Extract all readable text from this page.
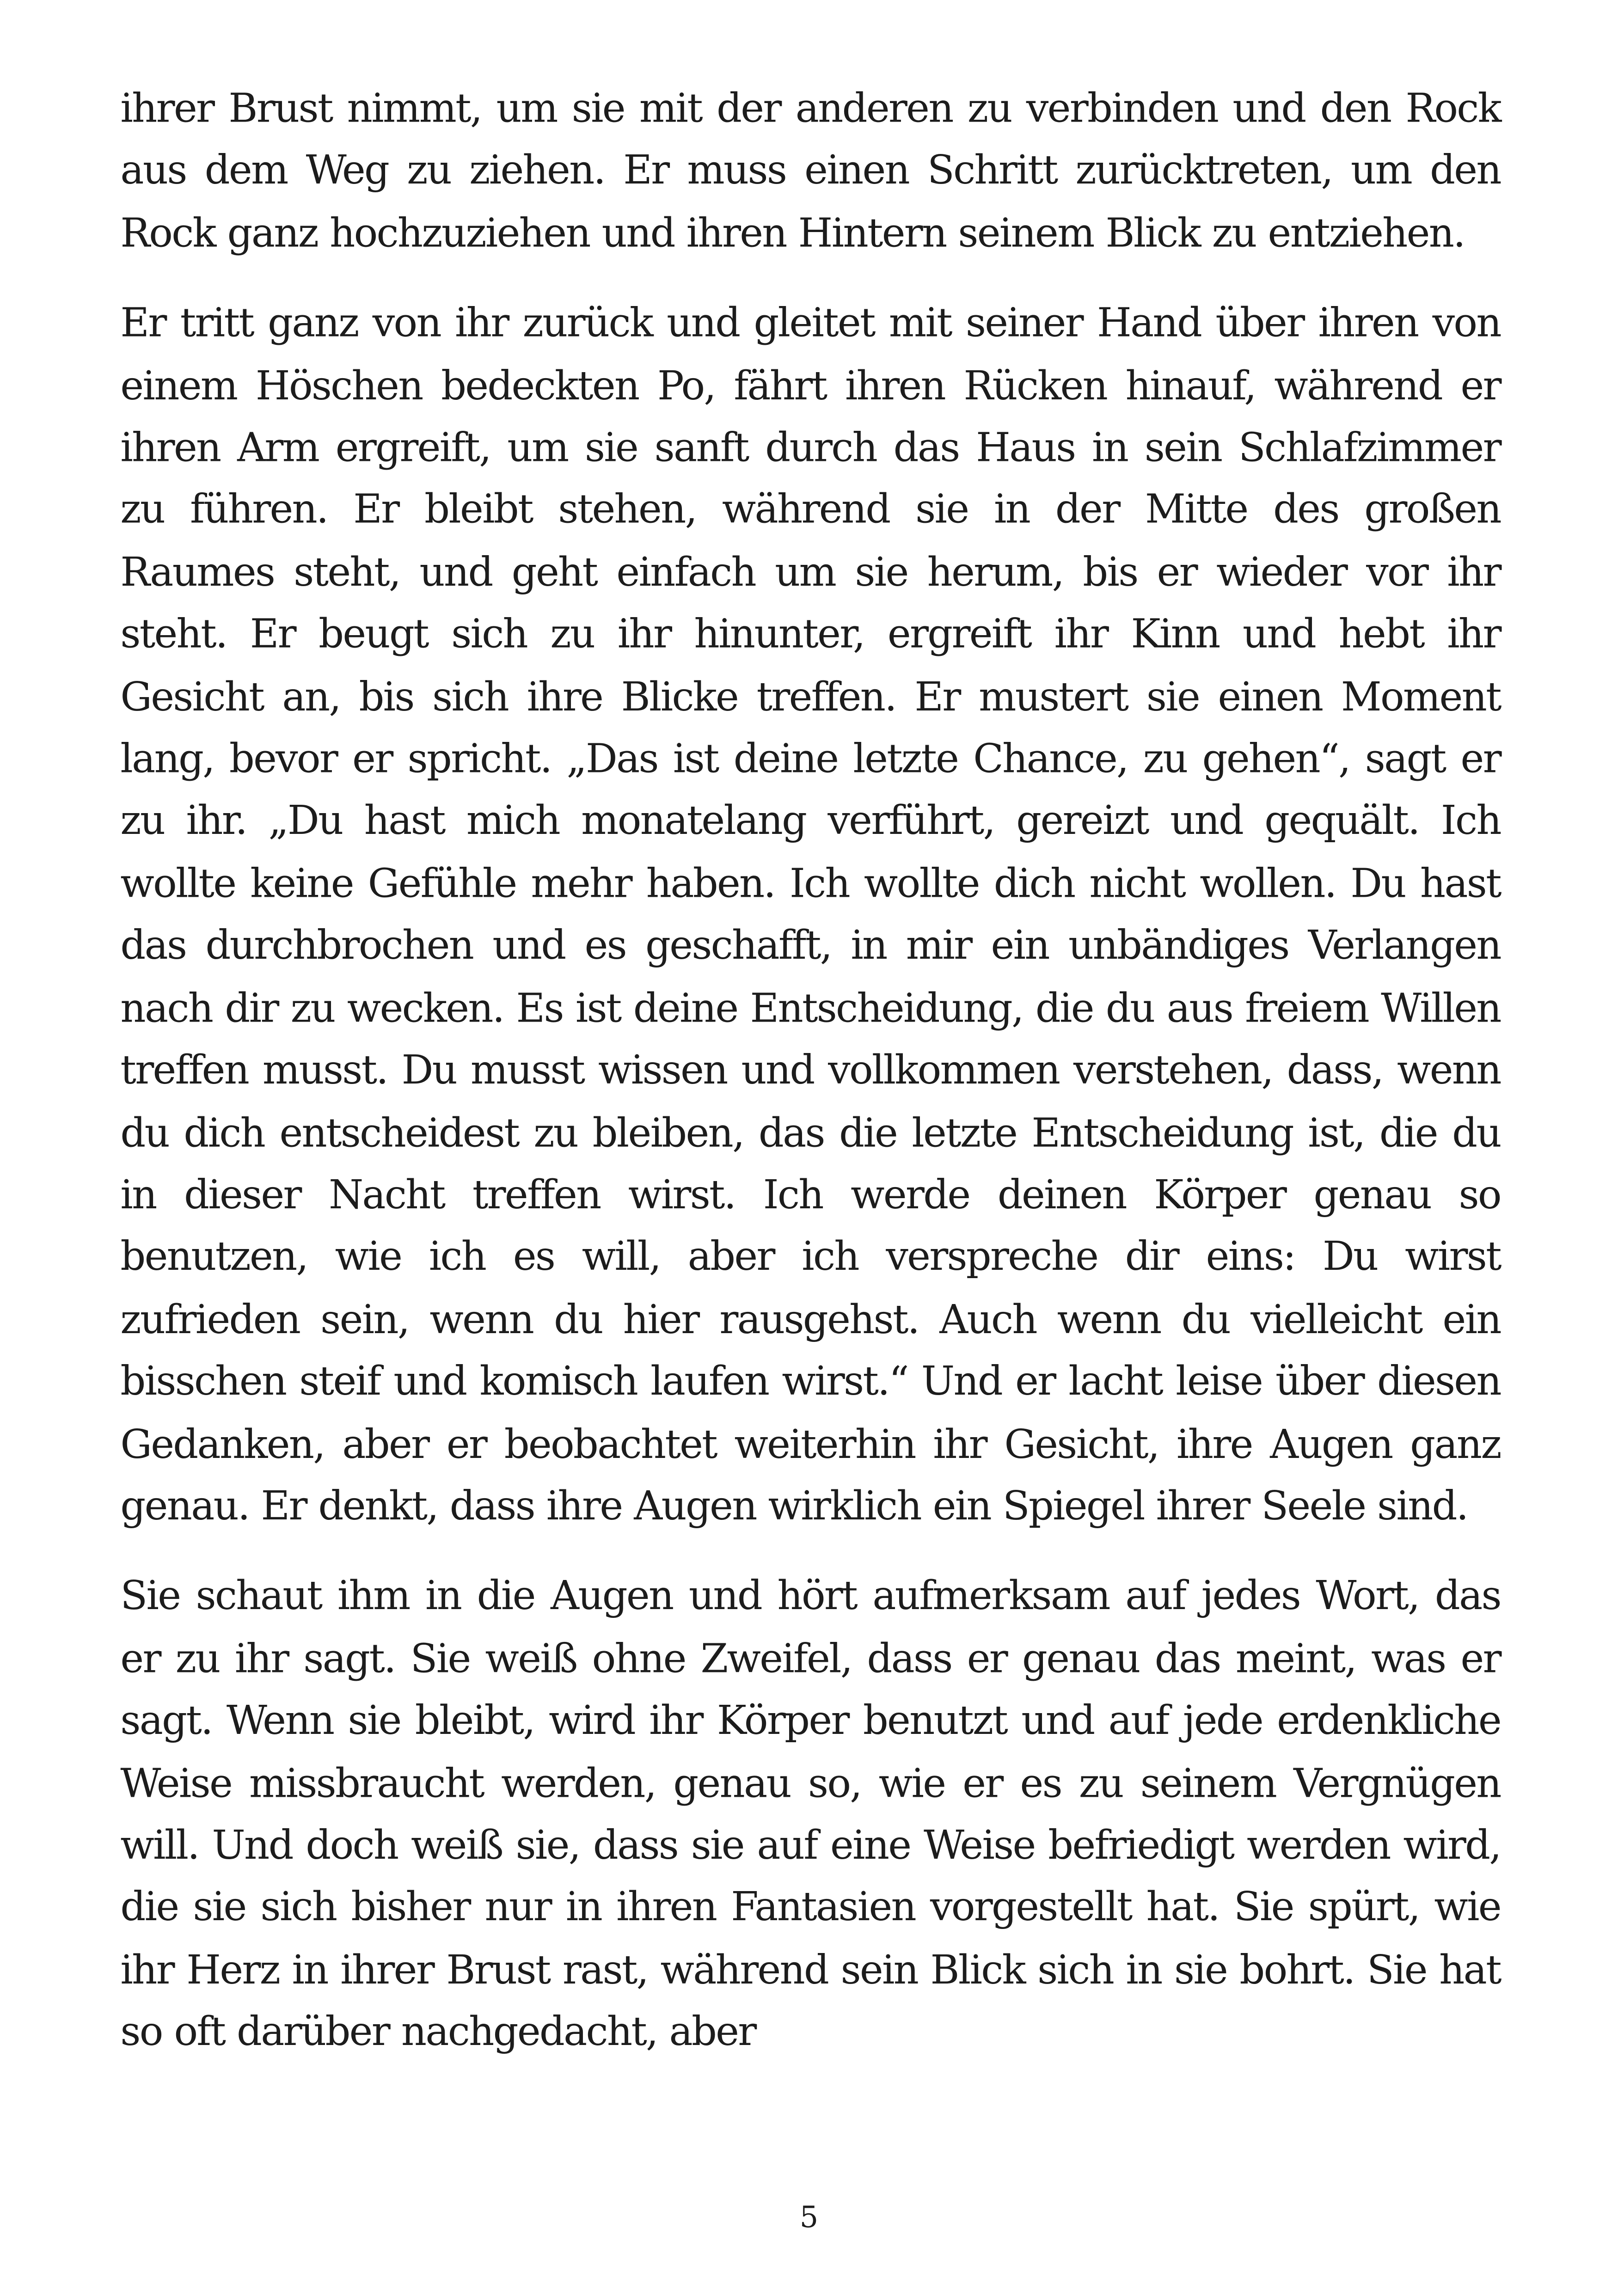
ihrer Brust nimmt, um sie mit der anderen zu verbinden und den Rock aus dem Weg zu ziehen. Er muss einen Schritt zurücktreten, um den Rock ganz hochzuziehen und ihren Hintern seinem Blick zu entziehen.

Er tritt ganz von ihr zurück und gleitet mit seiner Hand über ihren von einem Höschen bedeckten Po, fährt ihren Rücken hinauf, während er ihren Arm ergreift, um sie sanft durch das Haus in sein Schlafzimmer zu führen. Er bleibt stehen, während sie in der Mitte des großen Raumes steht, und geht einfach um sie herum, bis er wieder vor ihr steht. Er beugt sich zu ihr hinunter, ergreift ihr Kinn und hebt ihr Gesicht an, bis sich ihre Blicke treffen. Er mustert sie einen Moment lang, bevor er spricht. „Das ist deine letzte Chance, zu gehen“, sagt er zu ihr. „Du hast mich monatelang verführt, gereizt und gequält. Ich wollte keine Gefühle mehr haben. Ich wollte dich nicht wollen. Du hast das durchbrochen und es geschafft, in mir ein unbändiges Verlangen nach dir zu wecken. Es ist deine Entscheidung, die du aus freiem Willen treffen musst. Du musst wissen und vollkommen verstehen, dass, wenn du dich entscheidest zu bleiben, das die letzte Entscheidung ist, die du in dieser Nacht treffen wirst. Ich werde deinen Körper genau so benutzen, wie ich es will, aber ich verspreche dir eins: Du wirst zufrieden sein, wenn du hier rausgehst. Auch wenn du vielleicht ein bisschen steif und komisch laufen wirst.“ Und er lacht leise über diesen Gedanken, aber er beobachtet weiterhin ihr Gesicht, ihre Augen ganz genau. Er denkt, dass ihre Augen wirklich ein Spiegel ihrer Seele sind.

Sie schaut ihm in die Augen und hört aufmerksam auf jedes Wort, das er zu ihr sagt. Sie weiß ohne Zweifel, dass er genau das meint, was er sagt. Wenn sie bleibt, wird ihr Körper benutzt und auf jede erdenkliche Weise missbraucht werden, genau so, wie er es zu seinem Vergnügen will. Und doch weiß sie, dass sie auf eine Weise befriedigt werden wird, die sie sich bisher nur in ihren Fantasien vorgestellt hat. Sie spürt, wie ihr Herz in ihrer Brust rast, während sein Blick sich in sie bohrt. Sie hat so oft darüber nachgedacht, aber

5
